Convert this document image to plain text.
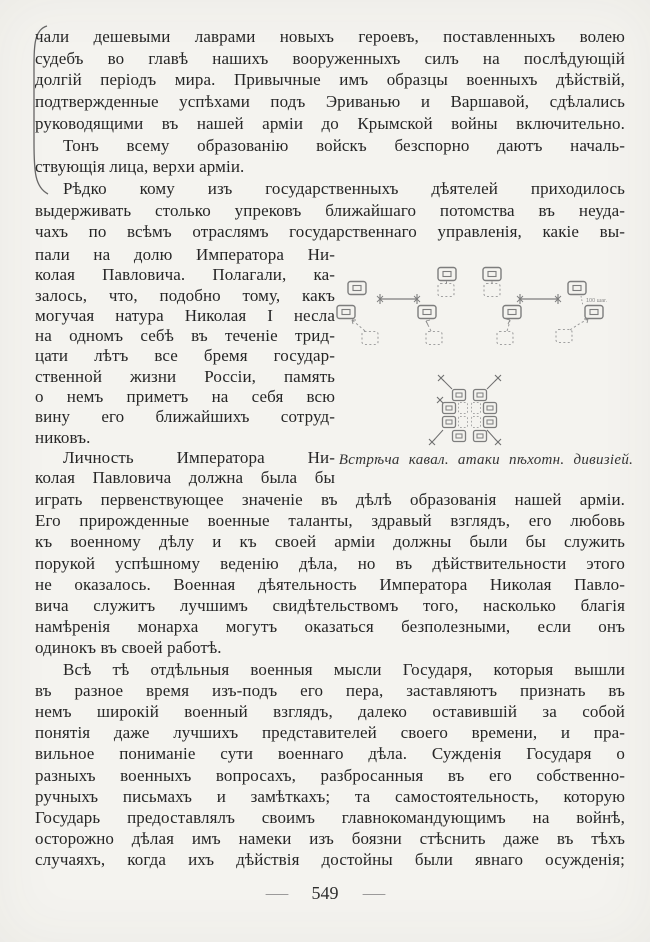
чали дешевыми лаврами новыхъ героевъ, поставленныхъ волею
судебъ во главѣ нашихъ вооруженныхъ силъ на послѣдующій
долгій періодъ мира. Привычные имъ образцы военныхъ дѣйствій,
подтвержденные успѣхами подъ Эриванью и Варшавой, сдѣлались
руководящими въ нашей арміи до Крымской войны включительно.
Тонъ всему образованію войскъ безспорно даютъ началь-
ствующія лица, верхи арміи.
Рѣдко кому изъ государственныхъ дѣятелей приходилось
выдерживать столько упрековъ ближайшаго потомства въ неуда-
чахъ по всѣмъ отраслямъ государственнаго управленія, какіе вы-
пали на долю Императора Ни-
колая Павловича. Полагали, ка-
залось, что, подобно тому, какъ
могучая натура Николая I несла
на одномъ себѣ въ теченіе трид-
цати лѣтъ все бремя государ-
ственной жизни Россіи, память
о немъ приметъ на себя всю
вину его ближайшихъ сотруд-
никовъ.
Личность Императора Ни-
колая Павловича должна была бы
100 шаг.
Встрѣча кавал. атаки пѣхотн. дивизіей.
играть первенствующее значеніе въ дѣлѣ образованія нашей арміи.
Его прирожденные военные таланты, здравый взглядъ, его любовь
къ военному дѣлу и къ своей арміи должны были бы служить
порукой успѣшному веденію дѣла, но въ дѣйствительности этого
не оказалось. Военная дѣятельность Императора Николая Павло-
вича служитъ лучшимъ свидѣтельствомъ того, насколько благія
намѣренія монарха могутъ оказаться безполезными, если онъ
одинокъ въ своей работѣ.
Всѣ тѣ отдѣльныя военныя мысли Государя, которыя вышли
въ разное время изъ-подъ его пера, заставляютъ признать въ
немъ широкій военный взглядъ, далеко оставившій за собой
понятія даже лучшихъ представителей своего времени, и пра-
вильное пониманіе сути военнаго дѣла. Сужденія Государя о
разныхъ военныхъ вопросахъ, разбросанныя въ его собственно-
ручныхъ письмахъ и замѣткахъ; та самостоятельность, которую
Государь предоставлялъ своимъ главнокомандующимъ на войнѣ,
осторожно дѣлая имъ намеки изъ боязни стѣснить даже въ тѣхъ
случаяхъ, когда ихъ дѣйствія достойны были явнаго осужденія;
— 549 —
